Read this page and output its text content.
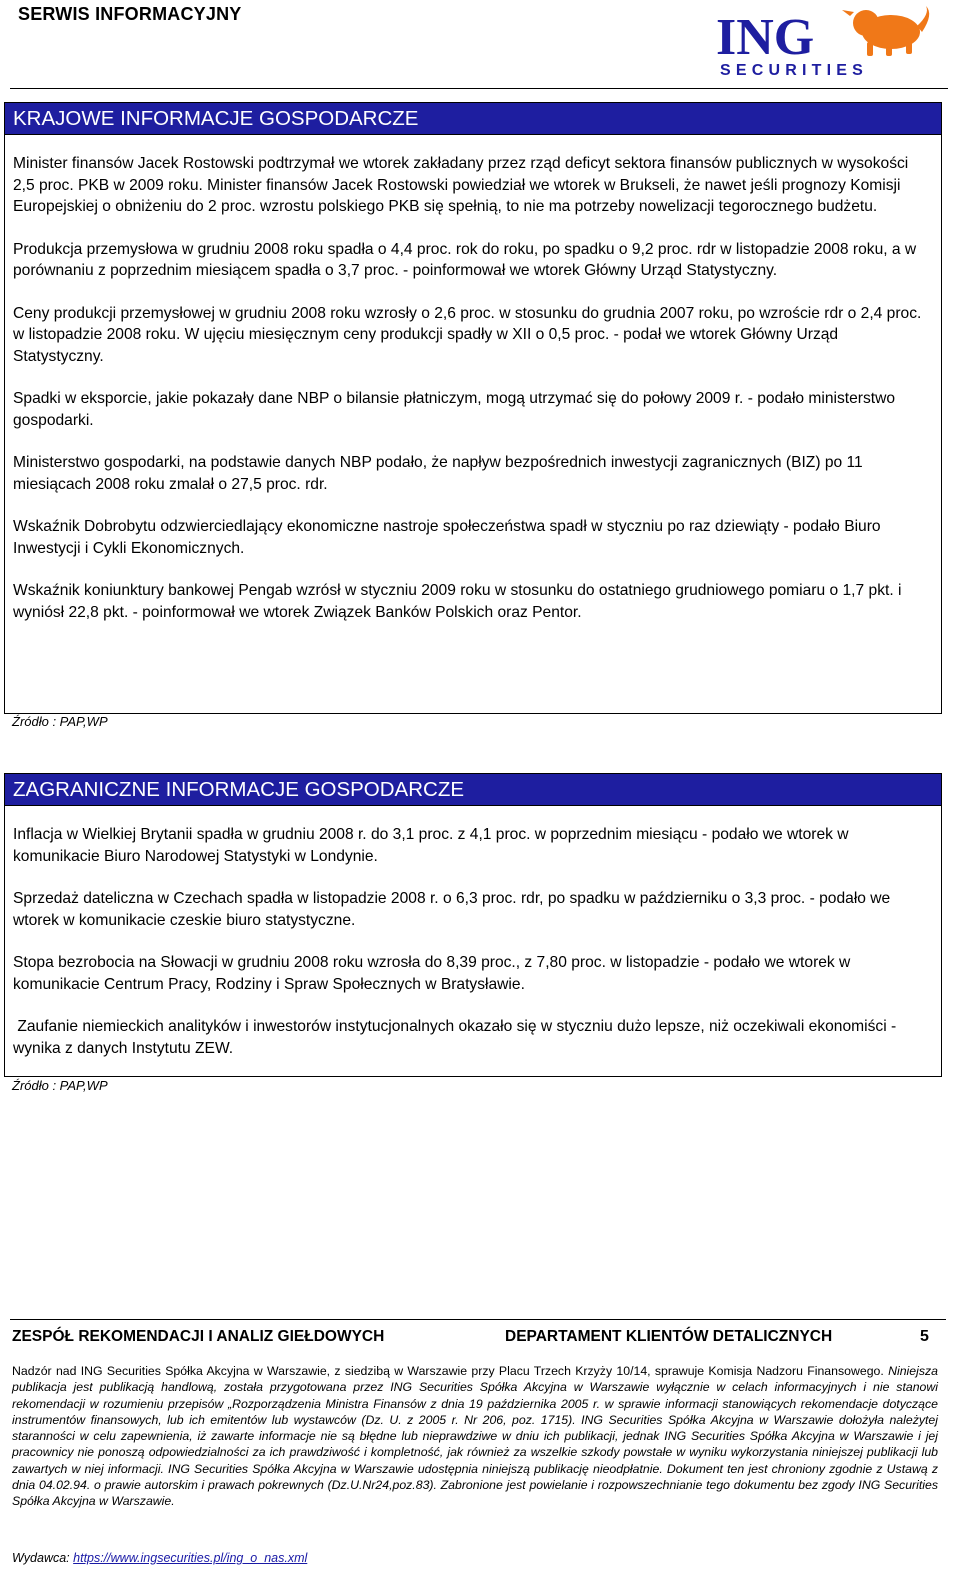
SERWIS INFORMACYJNY	ING
SECURITIES
KRAJOWE INFORMACJE GOSPODARCZE

Minister finansów Jacek Rostowski podtrzymał we wtorek zakładany przez rząd deficyt sektora finansów publicznych w wysokości 2,5 proc. PKB w 2009 roku. Minister finansów Jacek Rostowski powiedział we wtorek w Brukseli, że nawet jeśli prognozy Komisji Europejskiej o obniżeniu do 2 proc. wzrostu polskiego PKB się spełnią, to nie ma potrzeby nowelizacji tegorocznego budżetu.

Produkcja przemysłowa w grudniu 2008 roku spadła o 4,4 proc. rok do roku, po spadku o 9,2 proc. rdr w listopadzie 2008 roku, a w porównaniu z poprzednim miesiącem spadła o 3,7 proc. - poinformował we wtorek Główny Urząd Statystyczny.

Ceny produkcji przemysłowej w grudniu 2008 roku wzrosły o 2,6 proc. w stosunku do grudnia 2007 roku, po wzroście rdr o 2,4 proc. w listopadzie 2008 roku. W ujęciu miesięcznym ceny produkcji spadły w XII o 0,5 proc. - podał we wtorek Główny Urząd Statystyczny.

Spadki w eksporcie, jakie pokazały dane NBP o bilansie płatniczym, mogą utrzymać się do połowy 2009 r. - podało ministerstwo gospodarki.

Ministerstwo gospodarki, na podstawie danych NBP podało, że napływ bezpośrednich inwestycji zagranicznych (BIZ) po 11 miesiącach 2008 roku zmalał o 27,5 proc. rdr.

Wskaźnik Dobrobytu odzwierciedlający ekonomiczne nastroje społeczeństwa spadł w styczniu po raz dziewiąty - podało Biuro Inwestycji i Cykli Ekonomicznych.

Wskaźnik koniunktury bankowej Pengab wzrósł w styczniu 2009 roku w stosunku do ostatniego grudniowego pomiaru o 1,7 pkt. i wyniósł 22,8 pkt. - poinformował we wtorek Związek Banków Polskich oraz Pentor.

Źródło : PAP,WP
ZAGRANICZNE INFORMACJE GOSPODARCZE

Inflacja w Wielkiej Brytanii spadła w grudniu 2008 r. do 3,1 proc. z 4,1 proc. w poprzednim miesiącu - podało we wtorek w komunikacie Biuro Narodowej Statystyki w Londynie.

Sprzedaż dateliczna w Czechach spadła w listopadzie 2008 r. o 6,3 proc. rdr, po spadku w październiku o 3,3 proc. - podało we wtorek w komunikacie czeskie biuro statystyczne.

Stopa bezrobocia na Słowacji w grudniu 2008 roku wzrosła do 8,39 proc., z 7,80 proc. w listopadzie - podało we wtorek w komunikacie Centrum Pracy, Rodziny i Spraw Społecznych w Bratysławie.

Zaufanie niemieckich analityków i inwestorów instytucjonalnych okazało się w styczniu dużo lepsze, niż oczekiwali ekonomiści - wynika z danych Instytutu ZEW.

Źródło : PAP,WP
ZESPÓŁ REKOMENDACJI I ANALIZ GIEŁDOWYCH	DEPARTAMENT KLIENTÓW DETALICZNYCH	5
Nadzór nad ING Securities Spółka Akcyjna w Warszawie, z siedzibą w Warszawie przy Placu Trzech Krzyży 10/14, sprawuje Komisja Nadzoru Finansowego. Niniejsza publikacja jest publikacją handlową, została przygotowana przez ING Securities Spółka Akcyjna w Warszawie wyłącznie w celach informacyjnych i nie stanowi rekomendacji w rozumieniu przepisów „Rozporządzenia Ministra Finansów z dnia 19 października 2005 r. w sprawie informacji stanowiących rekomendacje dotyczące instrumentów finansowych, lub ich emitentów lub wystawców (Dz. U. z 2005 r. Nr 206, poz. 1715). ING Securities Spółka Akcyjna w Warszawie dołożyła należytej staranności w celu zapewnienia, iż zawarte informacje nie są błędne lub nieprawdziwe w dniu ich publikacji, jednak ING Securities Spółka Akcyjna w Warszawie i jej pracownicy nie ponoszą odpowiedzialności za ich prawdziwość i kompletność, jak również za wszelkie szkody powstałe w wyniku wykorzystania niniejszej publikacji lub zawartych w niej informacji. ING Securities Spółka Akcyjna w Warszawie udostępnia niniejszą publikację nieodpłatnie. Dokument ten jest chroniony zgodnie z Ustawą z dnia 04.02.94. o prawie autorskim i prawach pokrewnych (Dz.U.Nr24,poz.83). Zabronione jest powielanie i rozpowszechnianie tego dokumentu bez zgody ING Securities Spółka Akcyjna w Warszawie.
Wydawca: https://www.ingsecurities.pl/ing_o_nas.xml
